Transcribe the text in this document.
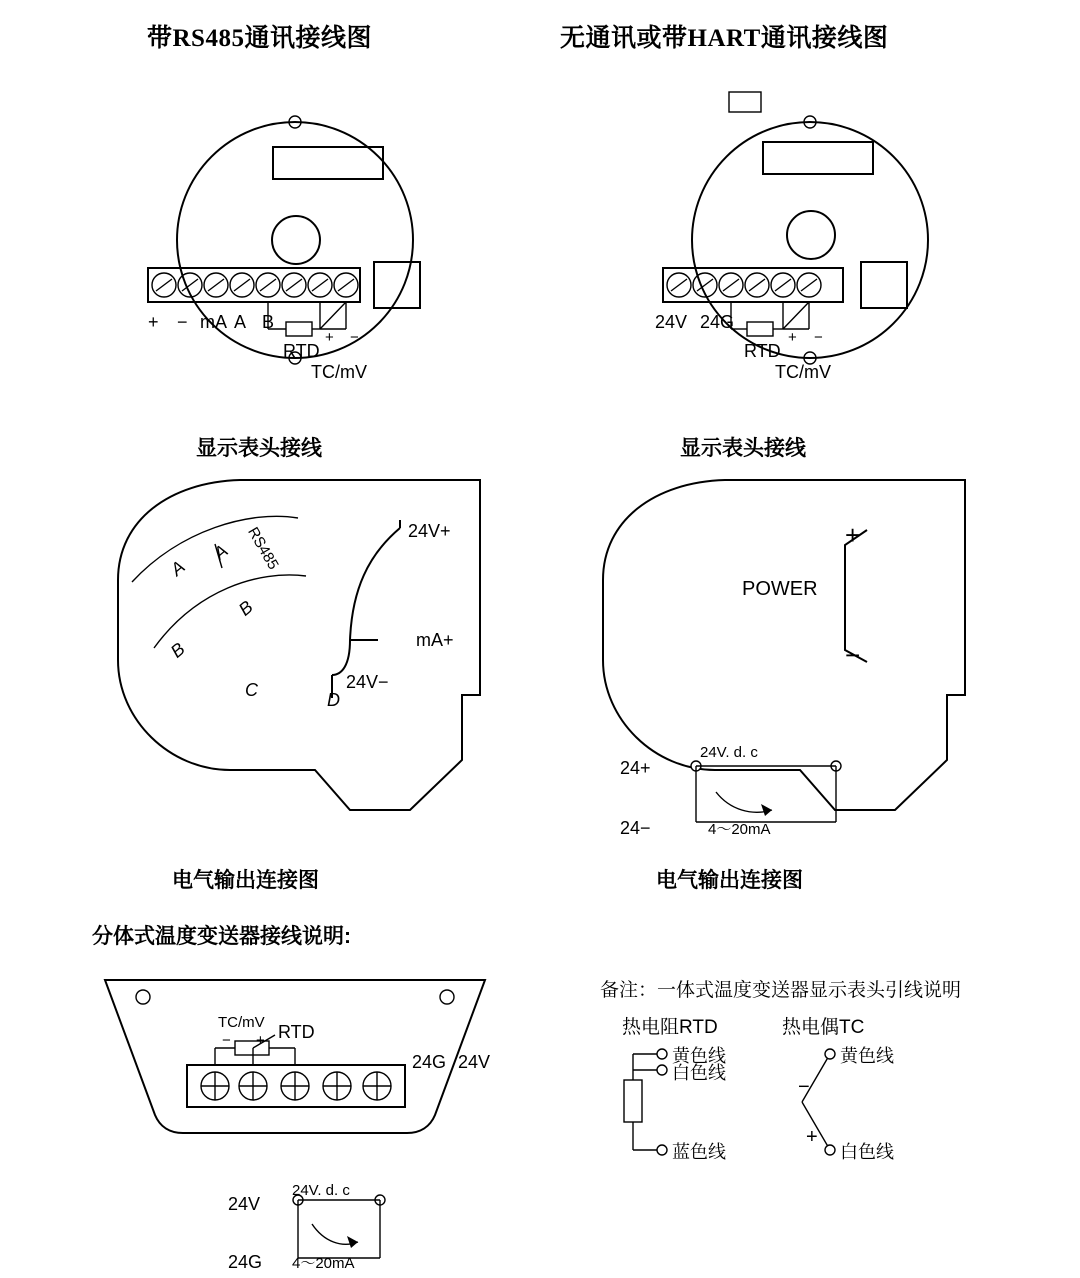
带RS485通讯接线图	无通讯或带HART通讯接线图
+ − mA A B
RTD
+ −
TC/mV
24V 24G
RTD
+ −
TC/mV
显示表头接线	显示表头接线
A
A RS485
B
B
C	D
24V+
mA+
24V−
+
−
POWER
24V. d. c
24+
24−	4～20mA
电气输出连接图	电气输出连接图
分体式温度变送器接线说明:
TC/mV RTD
− +
24G 24V
24V. d. c
24V
24G 4～20mA
备注：一体式温度变送器显示表头引线说明
热电阻RTD	热电偶TC
黄色线
白色线
蓝色线
黄色线
白色线
−
+
